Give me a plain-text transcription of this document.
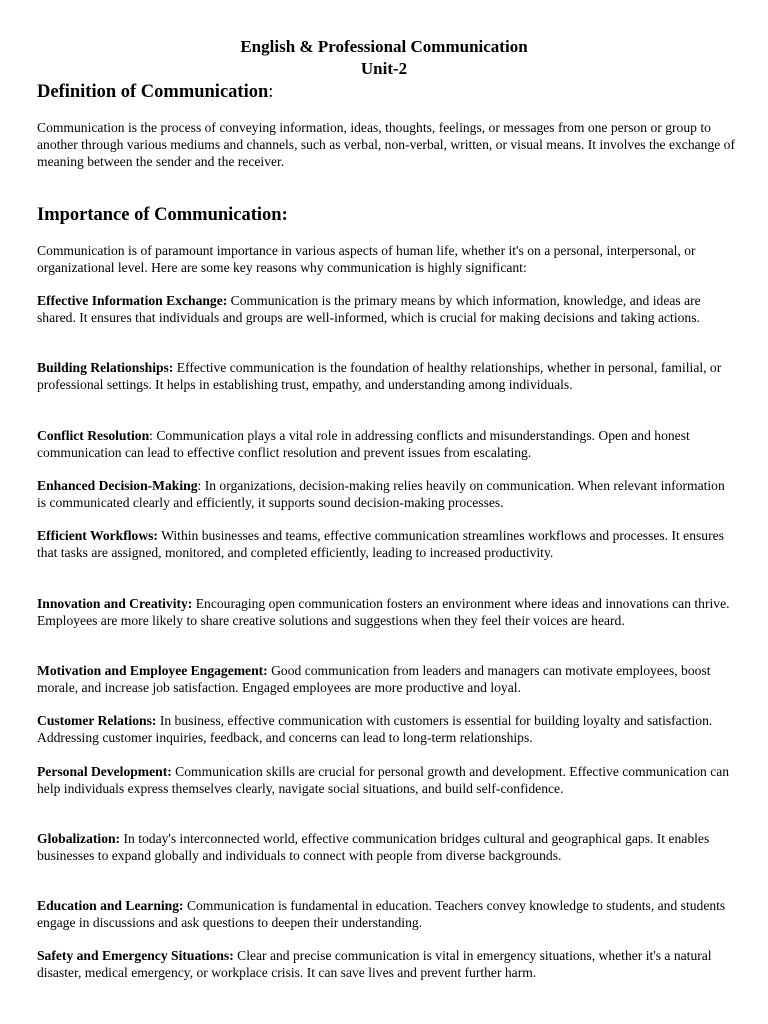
English & Professional Communication
Unit-2
Definition of Communication:
Communication is the process of conveying information, ideas, thoughts, feelings, or messages from one person or group to another through various mediums and channels, such as verbal, non-verbal, written, or visual means. It involves the exchange of meaning between the sender and the receiver.
Importance of Communication:
Communication is of paramount importance in various aspects of human life, whether it's on a personal, interpersonal, or organizational level. Here are some key reasons why communication is highly significant:
Effective Information Exchange: Communication is the primary means by which information, knowledge, and ideas are shared. It ensures that individuals and groups are well-informed, which is crucial for making decisions and taking actions.
Building Relationships: Effective communication is the foundation of healthy relationships, whether in personal, familial, or professional settings. It helps in establishing trust, empathy, and understanding among individuals.
Conflict Resolution: Communication plays a vital role in addressing conflicts and misunderstandings. Open and honest communication can lead to effective conflict resolution and prevent issues from escalating.
Enhanced Decision-Making: In organizations, decision-making relies heavily on communication. When relevant information is communicated clearly and efficiently, it supports sound decision-making processes.
Efficient Workflows: Within businesses and teams, effective communication streamlines workflows and processes. It ensures that tasks are assigned, monitored, and completed efficiently, leading to increased productivity.
Innovation and Creativity: Encouraging open communication fosters an environment where ideas and innovations can thrive. Employees are more likely to share creative solutions and suggestions when they feel their voices are heard.
Motivation and Employee Engagement: Good communication from leaders and managers can motivate employees, boost morale, and increase job satisfaction. Engaged employees are more productive and loyal.
Customer Relations: In business, effective communication with customers is essential for building loyalty and satisfaction. Addressing customer inquiries, feedback, and concerns can lead to long-term relationships.
Personal Development: Communication skills are crucial for personal growth and development. Effective communication can help individuals express themselves clearly, navigate social situations, and build self-confidence.
Globalization: In today's interconnected world, effective communication bridges cultural and geographical gaps. It enables businesses to expand globally and individuals to connect with people from diverse backgrounds.
Education and Learning: Communication is fundamental in education. Teachers convey knowledge to students, and students engage in discussions and ask questions to deepen their understanding.
Safety and Emergency Situations: Clear and precise communication is vital in emergency situations, whether it's a natural disaster, medical emergency, or workplace crisis. It can save lives and prevent further harm.
